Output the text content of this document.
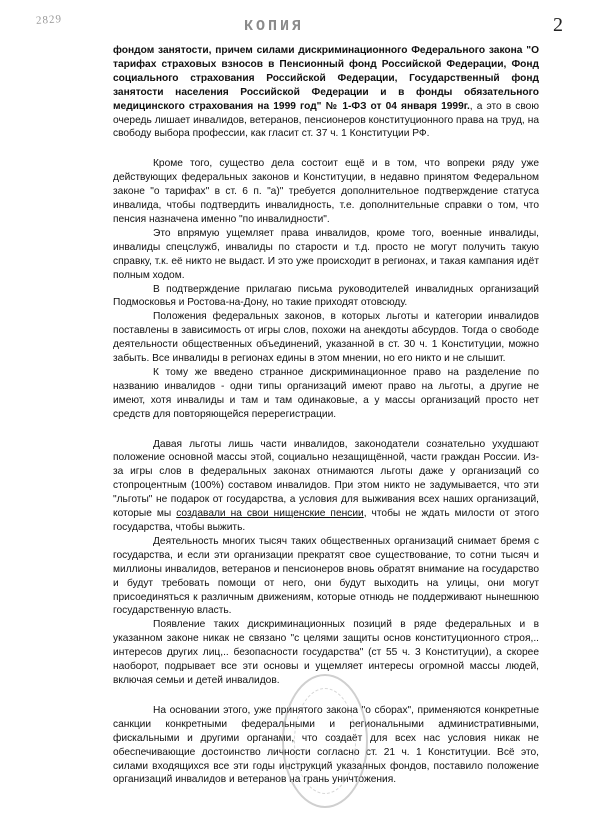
2829	КОПИЯ	2

фондом занятости, причем силами дискриминационного Федерального закона "О тарифах страховых взносов в Пенсионный фонд Российской Федерации, Фонд социального страхования Российской Федерации, Государственный фонд занятости населения Российской Федерации и в фонды обязательного медицинского страхования на 1999 год" № 1-ФЗ от 04 января 1999г., а это в свою очередь лишает инвалидов, ветеранов, пенсионеров конституционного права на труд, на свободу выбора профессии, как гласит ст. 37 ч. 1 Конституции РФ.

Кроме того, существо дела состоит ещё и в том, что вопреки ряду уже действующих федеральных законов и Конституции, в недавно принятом Федеральном законе "о тарифах" в ст. 6 п. "а)" требуется дополнительное подтверждение статуса инвалида, чтобы подтвердить инвалидность, т.е. дополнительные справки о том, что пенсия назначена именно "по инвалидности".

Это впрямую ущемляет права инвалидов, кроме того, военные инвалиды, инвалиды спецслужб, инвалиды по старости и т.д. просто не могут получить такую справку, т.к. её никто не выдаст. И это уже происходит в регионах, и такая кампания идёт полным ходом.

В подтверждение прилагаю письма руководителей инвалидных организаций Подмосковья и Ростова-на-Дону, но такие приходят отовсюду.

Положения федеральных законов, в которых льготы и категории инвалидов поставлены в зависимость от игры слов, похожи на анекдоты абсурдов. Тогда о свободе деятельности общественных объединений, указанной в ст. 30 ч. 1 Конституции, можно забыть. Все инвалиды в регионах едины в этом мнении, но его никто и не слышит.

К тому же введено странное дискриминационное право на разделение по названию инвалидов - одни типы организаций имеют право на льготы, а другие не имеют, хотя инвалиды и там и там одинаковые, а у массы организаций просто нет средств для повторяющейся перерегистрации.

Давая льготы лишь части инвалидов, законодатели сознательно ухудшают положение основной массы этой, социально незащищённой, части граждан России. Из-за игры слов в федеральных законах отнимаются льготы даже у организаций со стопроцентным (100%) составом инвалидов. При этом никто не задумывается, что эти "льготы" не подарок от государства, а условия для выживания всех наших организаций, которые мы создавали на свои нищенские пенсии, чтобы не ждать милости от этого государства, чтобы выжить.

Деятельность многих тысяч таких общественных организаций снимает бремя с государства, и если эти организации прекратят свое существование, то сотни тысяч и миллионы инвалидов, ветеранов и пенсионеров вновь обратят внимание на государство и будут требовать помощи от него, они будут выходить на улицы, они могут присоединяться к различным движениям, которые отнюдь не поддерживают нынешнюю государственную власть.

Появление таких дискриминационных позиций в ряде федеральных и в указанном законе никак не связано "с целями защиты основ конституционного строя,.. интересов других лиц,.. безопасности государства" (ст 55 ч. 3 Конституции), а скорее наоборот, подрывает все эти основы и ущемляет интересы огромной массы людей, включая семьи и детей инвалидов.

На основании этого, уже принятого закона "о сборах", применяются конкретные санкции конкретными федеральными и региональными административными, фискальными и другими органами, что создаёт для всех нас условия никак не обеспечивающие достоинство личности согласно ст. 21 ч. 1 Конституции. Всё это, силами входящихся все эти годы инструкций указанных фондов, поставило положение организаций инвалидов и ветеранов на грань уничтожения.
